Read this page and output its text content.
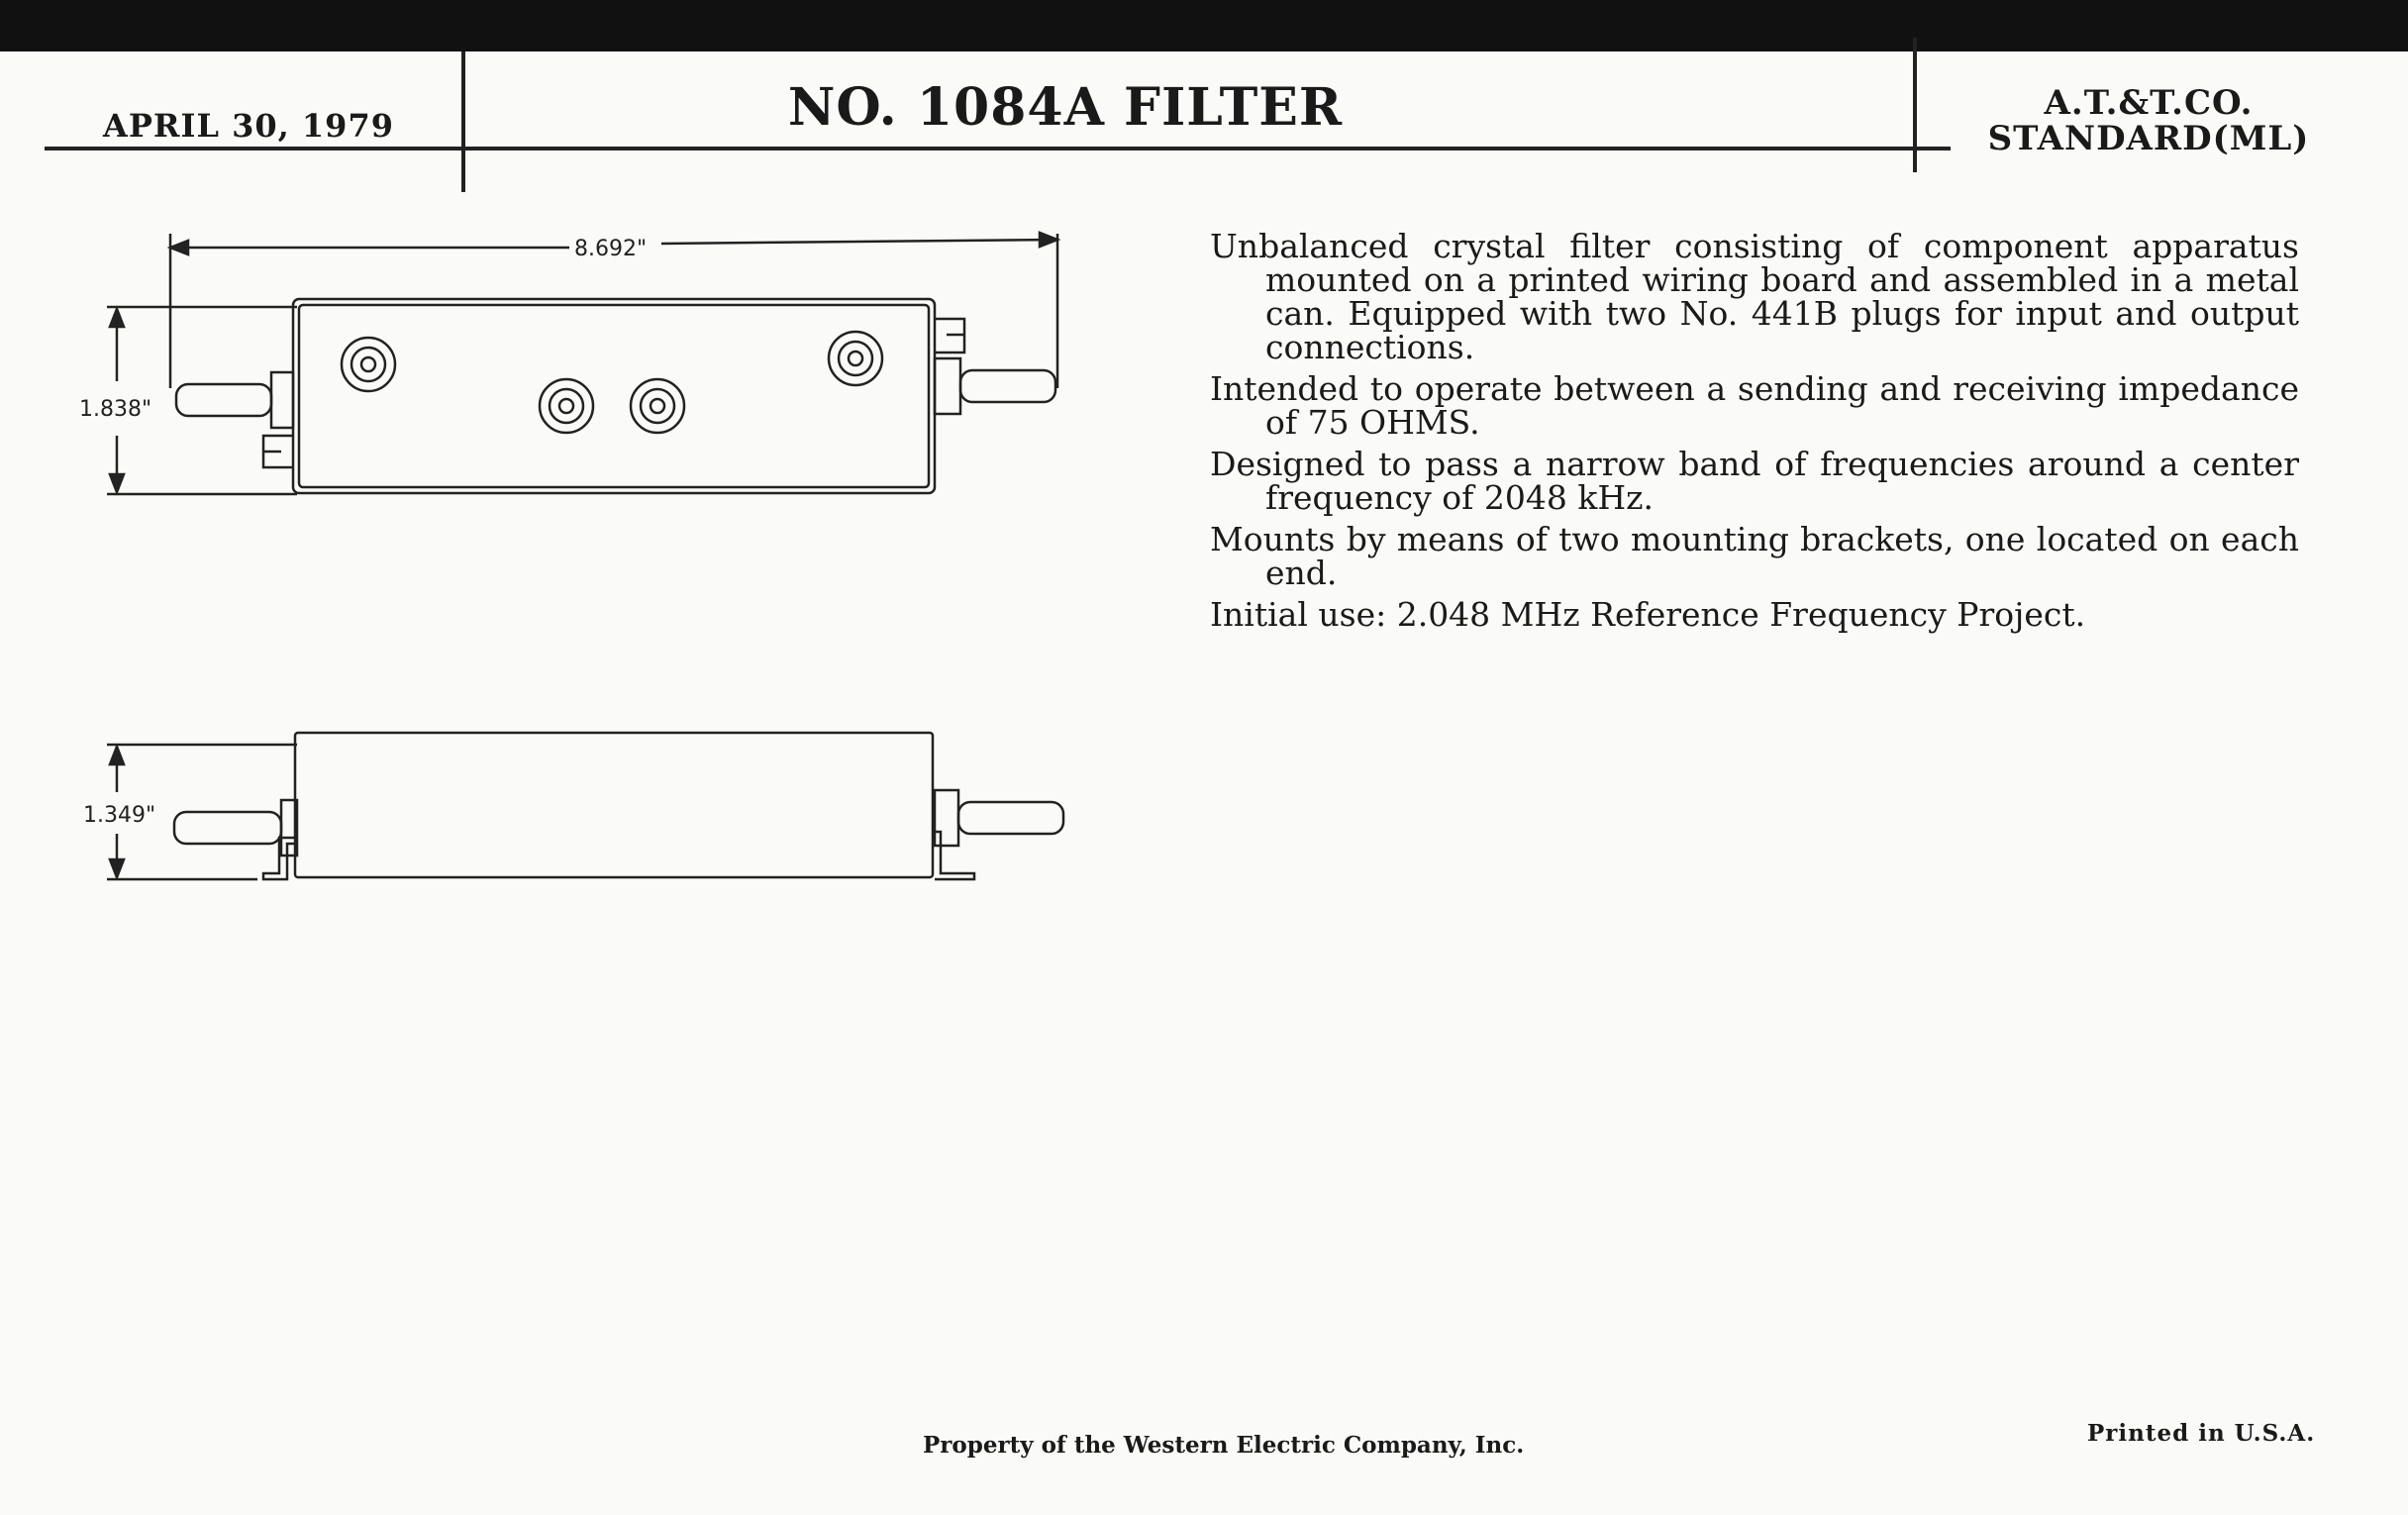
APRIL 30, 1979	NO. 1084A FILTER	A.T.&T.CO.
STANDARD(ML)
8.692"
1.838"
1.349"

Unbalanced crystal filter consisting of component apparatus mounted on a printed wiring board and assembled in a metal can. Equipped with two No. 441B plugs for input and output connections.

Intended to operate between a sending and receiving impedance of 75 OHMS.

Designed to pass a narrow band of frequencies around a center frequency of 2048 kHz.

Mounts by means of two mounting brackets, one located on each end.

Initial use: 2.048 MHz Reference Frequency Project.

Property of the Western Electric Company, Inc.	Printed in U.S.A.
